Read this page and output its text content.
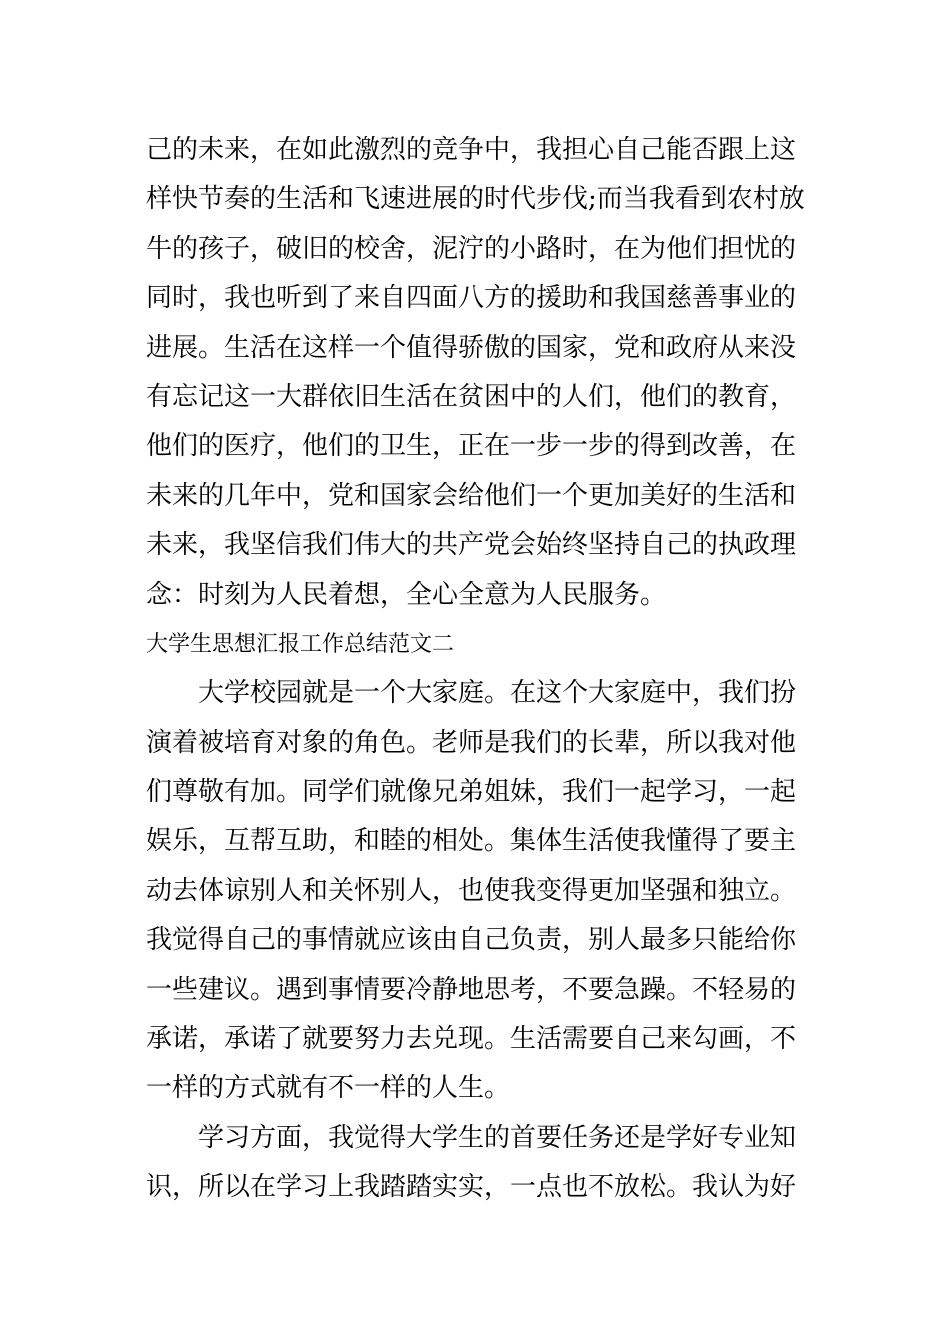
己的未来，在如此激烈的竞争中，我担心自己能否跟上这
样快节奏的生活和飞速进展的时代步伐;而当我看到农村放
牛的孩子，破旧的校舍，泥泞的小路时，在为他们担忧的
同时，我也听到了来自四面八方的援助和我国慈善事业的
进展。生活在这样一个值得骄傲的国家，党和政府从来没
有忘记这一大群依旧生活在贫困中的人们，他们的教育，
他们的医疗，他们的卫生，正在一步一步的得到改善，在
未来的几年中，党和国家会给他们一个更加美好的生活和
未来，我坚信我们伟大的共产党会始终坚持自己的执政理
念：时刻为人民着想，全心全意为人民服务。
大学生思想汇报工作总结范文二
大学校园就是一个大家庭。在这个大家庭中，我们扮
演着被培育对象的角色。老师是我们的长辈，所以我对他
们尊敬有加。同学们就像兄弟姐妹，我们一起学习，一起
娱乐，互帮互助，和睦的相处。集体生活使我懂得了要主
动去体谅别人和关怀别人，也使我变得更加坚强和独立。
我觉得自己的事情就应该由自己负责，别人最多只能给你
一些建议。遇到事情要冷静地思考，不要急躁。不轻易的
承诺，承诺了就要努力去兑现。生活需要自己来勾画，不
一样的方式就有不一样的人生。
学习方面，我觉得大学生的首要任务还是学好专业知
识，所以在学习上我踏踏实实，一点也不放松。我认为好
